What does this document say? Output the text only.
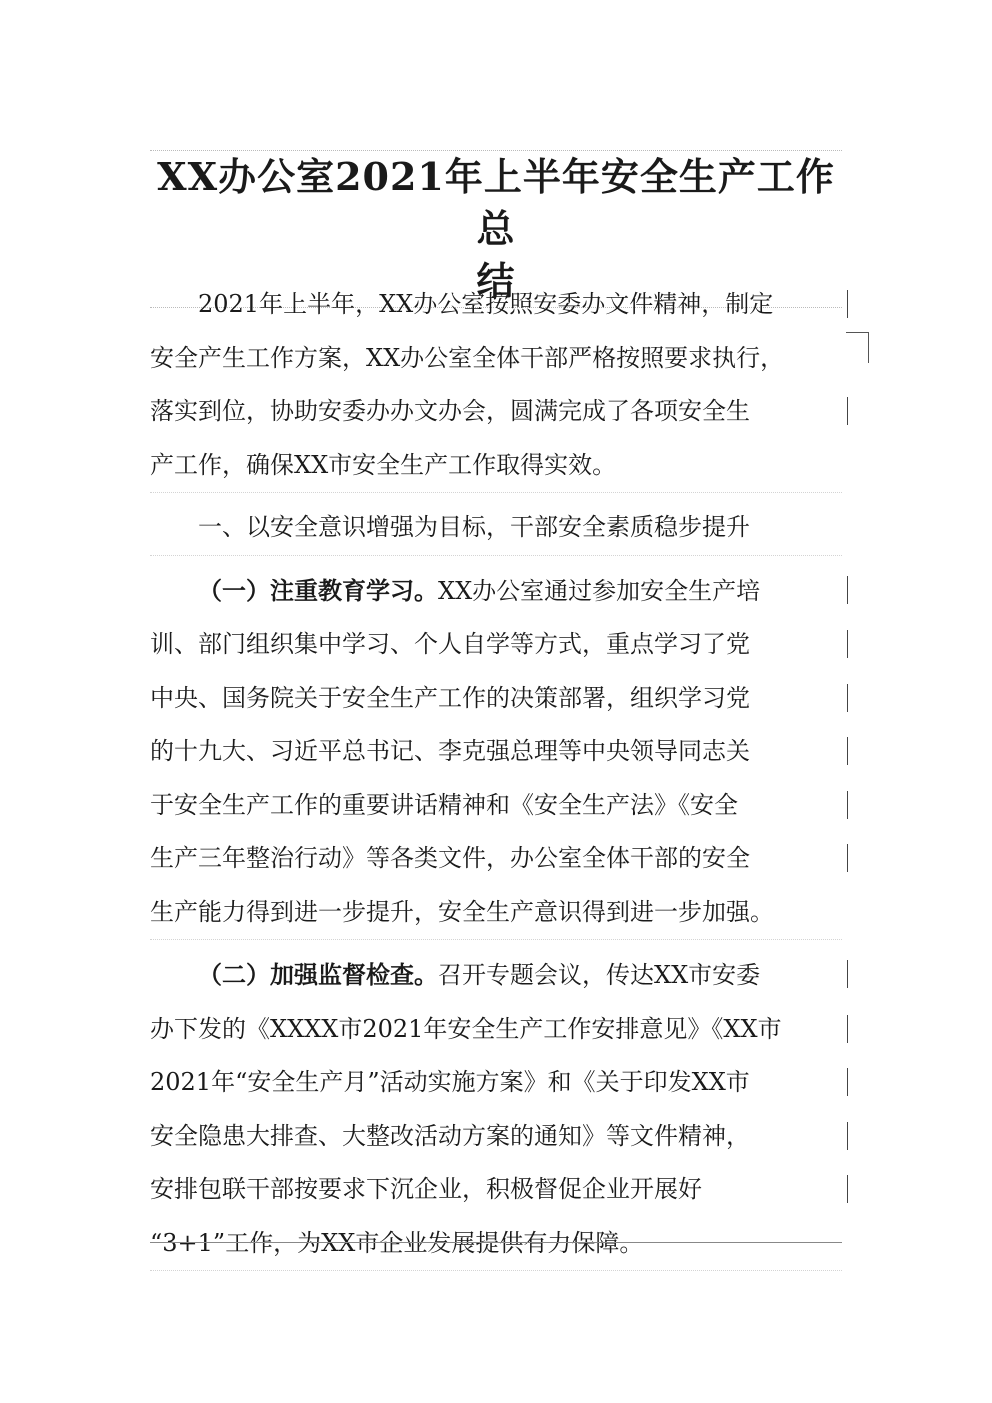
XX办公室2021年上半年安全生产工作总
结
2021年上半年，XX办公室按照安委办文件精神，制定
安全产生工作方案，XX办公室全体干部严格按照要求执行，
落实到位，协助安委办办文办会，圆满完成了各项安全生
产工作，确保XX市安全生产工作取得实效。
一、以安全意识增强为目标，干部安全素质稳步提升
（一）注重教育学习。XX办公室通过参加安全生产培
训、部门组织集中学习、个人自学等方式，重点学习了党
中央、国务院关于安全生产工作的决策部署，组织学习党
的十九大、习近平总书记、李克强总理等中央领导同志关
于安全生产工作的重要讲话精神和《安全生产法》《安全
生产三年整治行动》等各类文件，办公室全体干部的安全
生产能力得到进一步提升，安全生产意识得到进一步加强。
（二）加强监督检查。召开专题会议，传达XX市安委
办下发的《XXXX市2021年安全生产工作安排意见》《XX市
2021年“安全生产月”活动实施方案》和《关于印发XX市
安全隐患大排查、大整改活动方案的通知》等文件精神，
安排包联干部按要求下沉企业，积极督促企业开展好
“3+1”工作，为XX市企业发展提供有力保障。
